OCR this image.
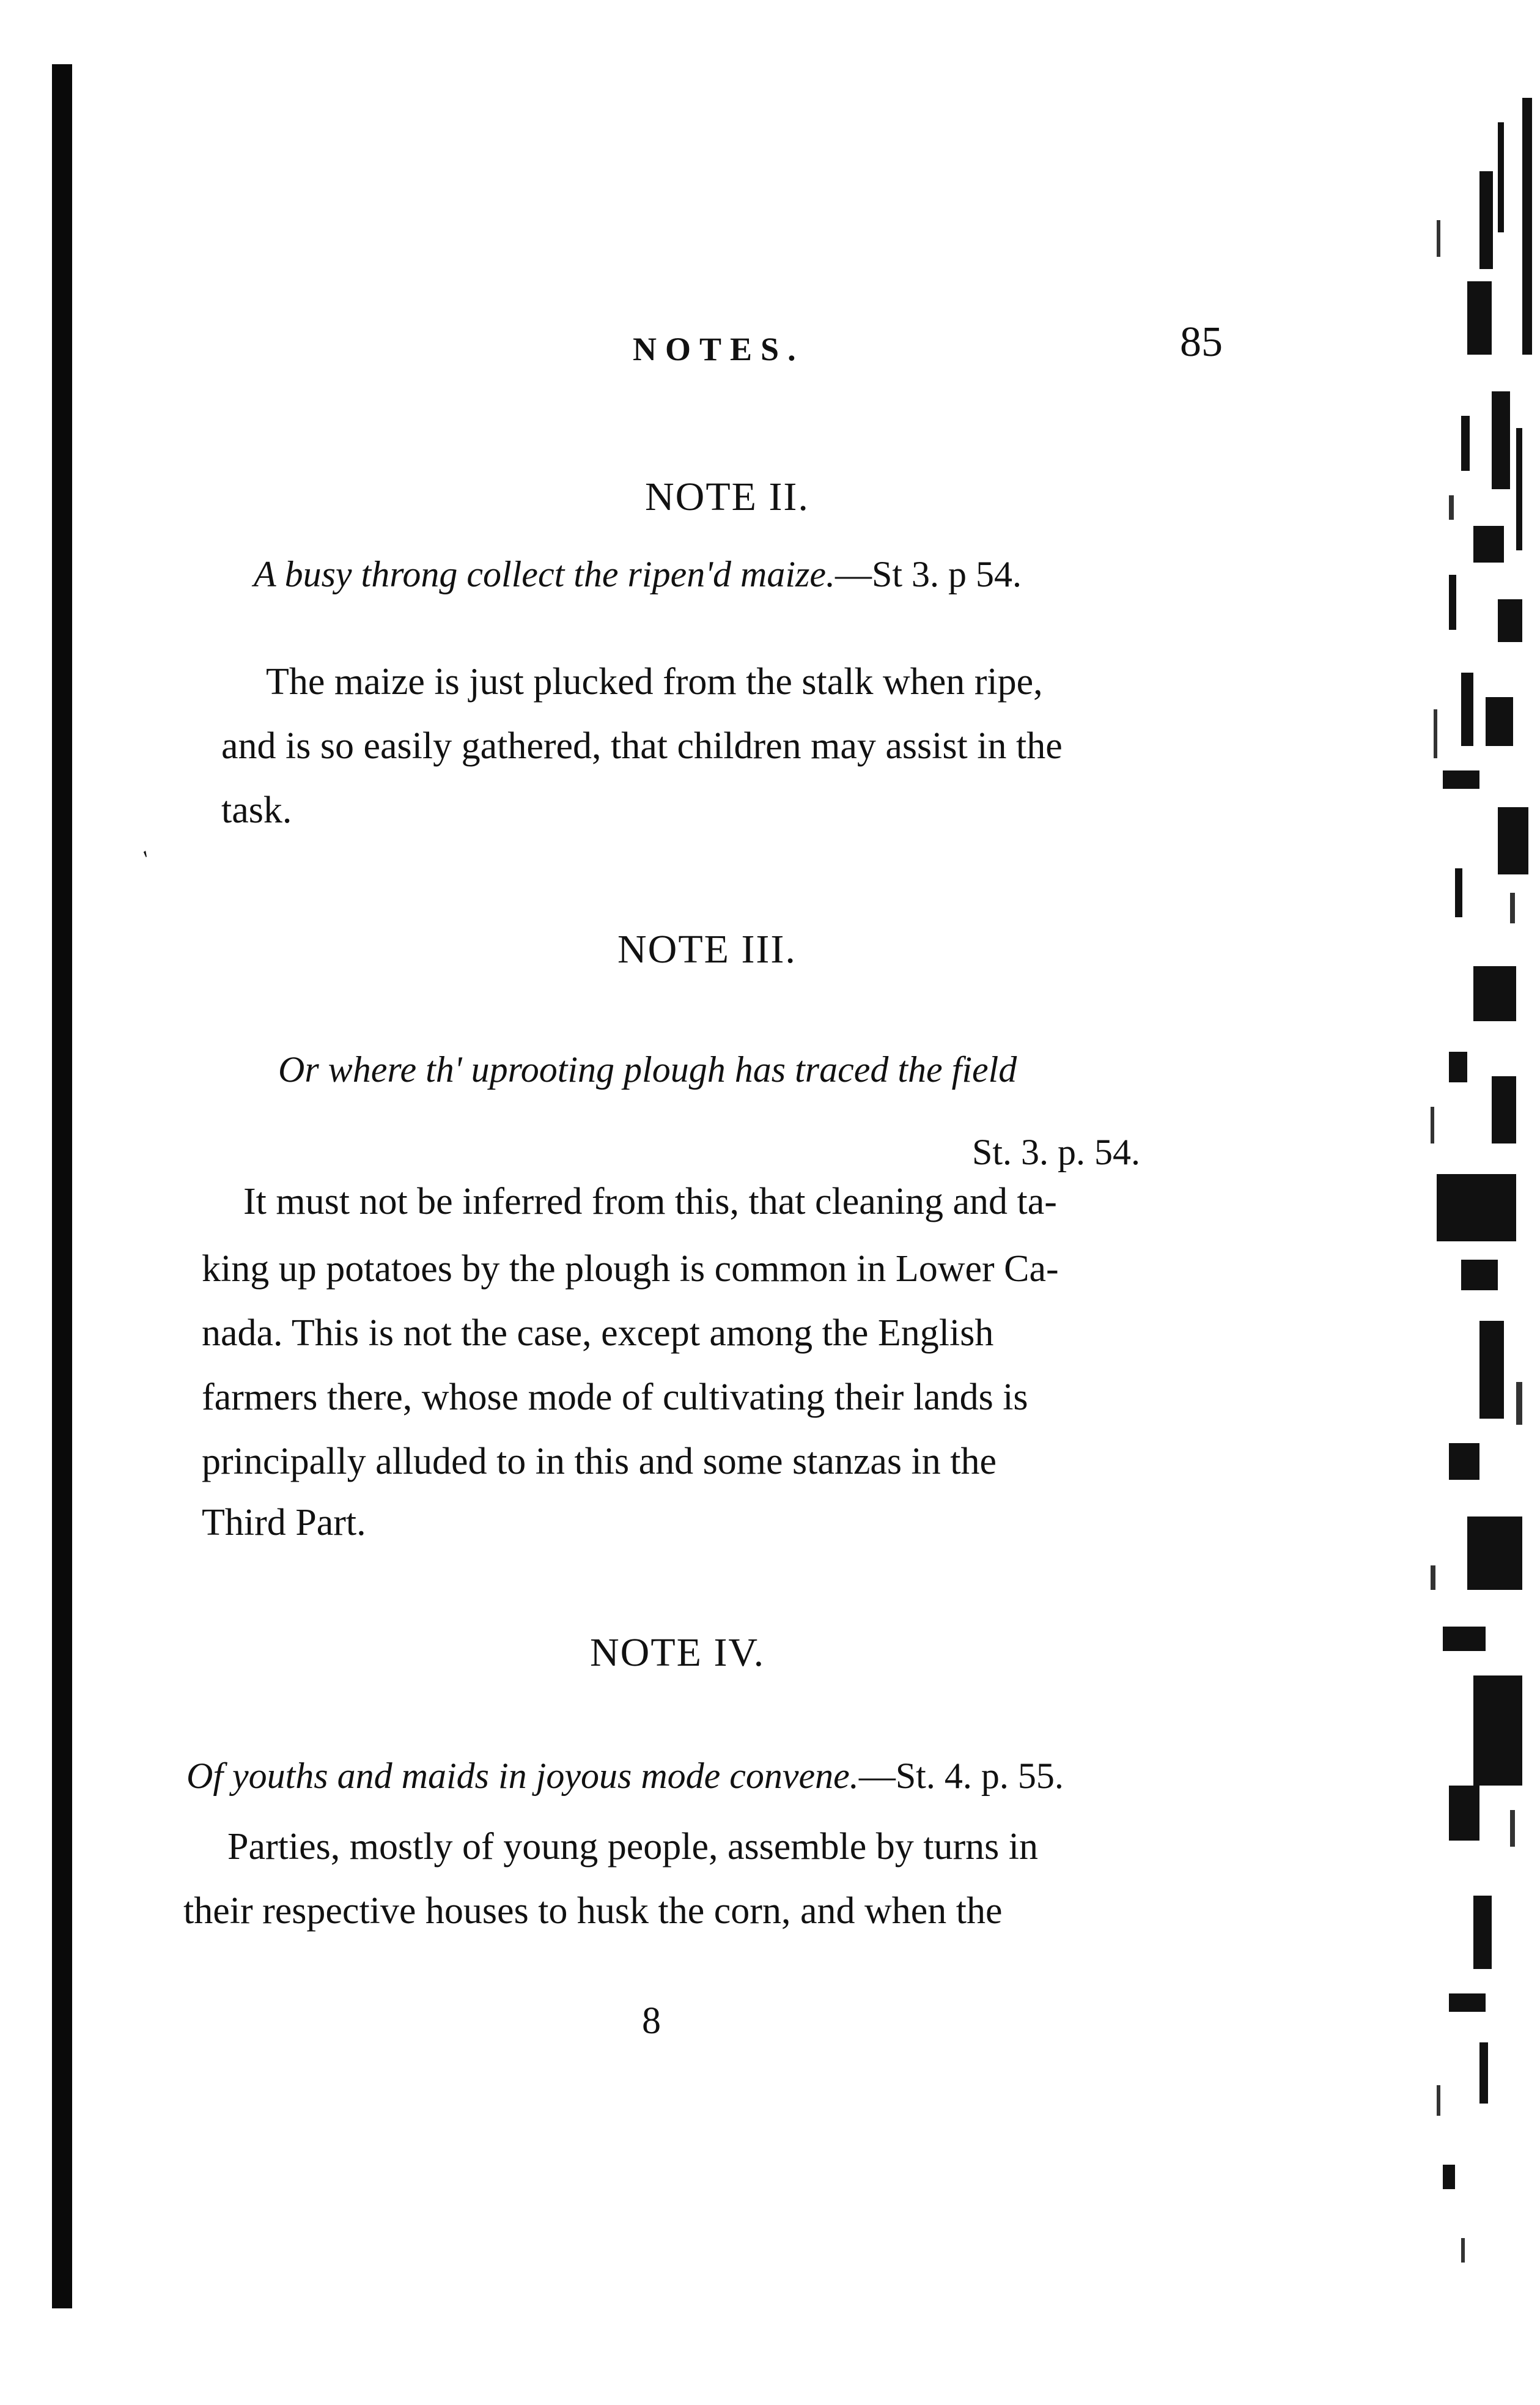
NOTES.	85
NOTE II.
A busy throng collect the ripen'd maize.—St 3. p 54.
The maize is just plucked from the stalk when ripe,
and is so easily gathered, that children may assist in the
task.
′
NOTE III.
Or where th' uprooting plough has traced the field
St. 3. p. 54.
It must not be inferred from this, that cleaning and ta-
king up potatoes by the plough is common in Lower Ca-
nada. This is not the case, except among the English
farmers there, whose mode of cultivating their lands is
principally alluded to in this and some stanzas in the
Third Part.
NOTE IV.
Of youths and maids in joyous mode convene.—St. 4. p. 55.
Parties, mostly of young people, assemble by turns in
their respective houses to husk the corn, and when the
8
